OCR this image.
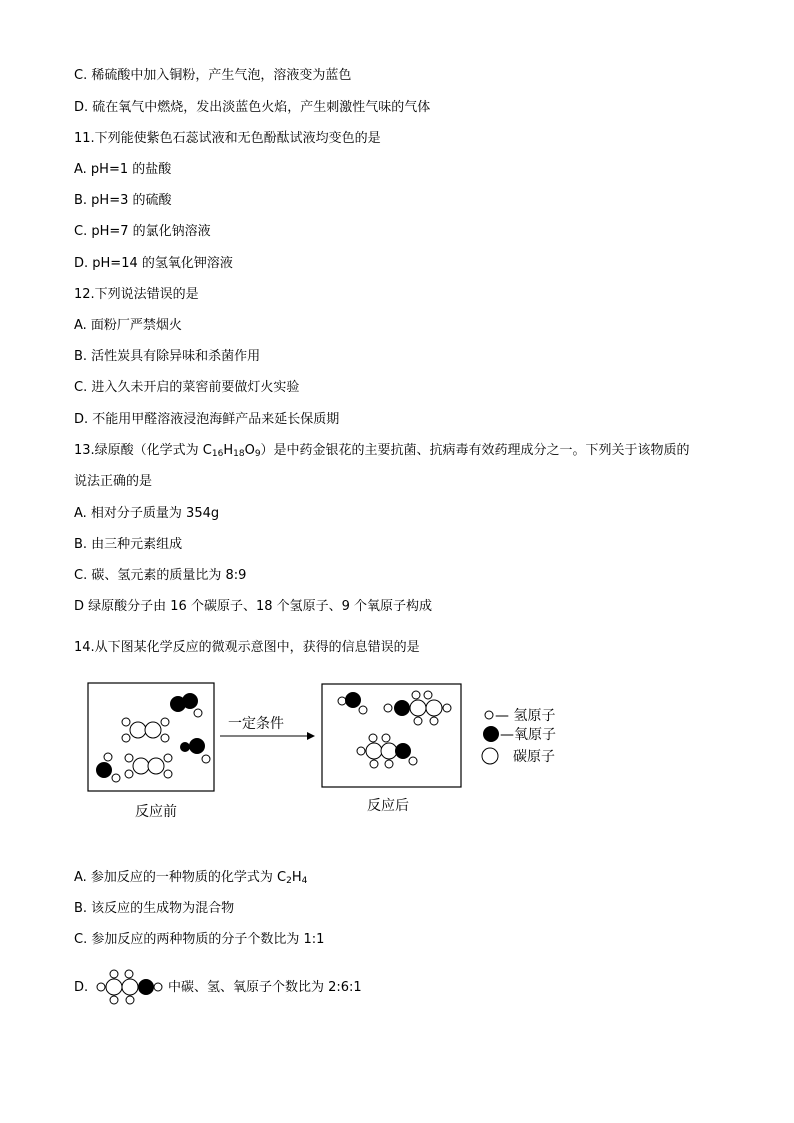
C. 稀硫酸中加入铜粉，产生气泡，溶液变为蓝色
D. 硫在氧气中燃烧，发出淡蓝色火焰，产生刺激性气味的气体
11.下列能使紫色石蕊试液和无色酚酞试液均变色的是
A. pH=1 的盐酸
B. pH=3 的硫酸
C. pH=7 的氯化钠溶液
D. pH=14 的氢氧化钾溶液
12.下列说法错误的是
A. 面粉厂严禁烟火
B. 活性炭具有除异味和杀菌作用
C. 进入久未开启的菜窖前要做灯火实验
D. 不能用甲醛溶液浸泡海鲜产品来延长保质期
13.绿原酸（化学式为 $C_{16}H_{18}O_9$）是中药金银花的主要抗菌、抗病毒有效药理成分之一。下列关于该物质的
说法正确的是
A. 相对分子质量为 354g
B. 由三种元素组成
C. 碳、氢元素的质量比为 8:9
D 绿原酸分子由 16 个碳原子、18 个氢原子、9 个氧原子构成
14.从下图某化学反应的微观示意图中，获得的信息错误的是
一定条件
反应前	反应后
— 氢原子
—氧原子
碳原子
A. 参加反应的一种物质的化学式为 $C_2H_4$
B. 该反应的生成物为混合物
C. 参加反应的两种物质的分子个数比为 1:1
D.	中碳、氢、氧原子个数比为 2:6:1
